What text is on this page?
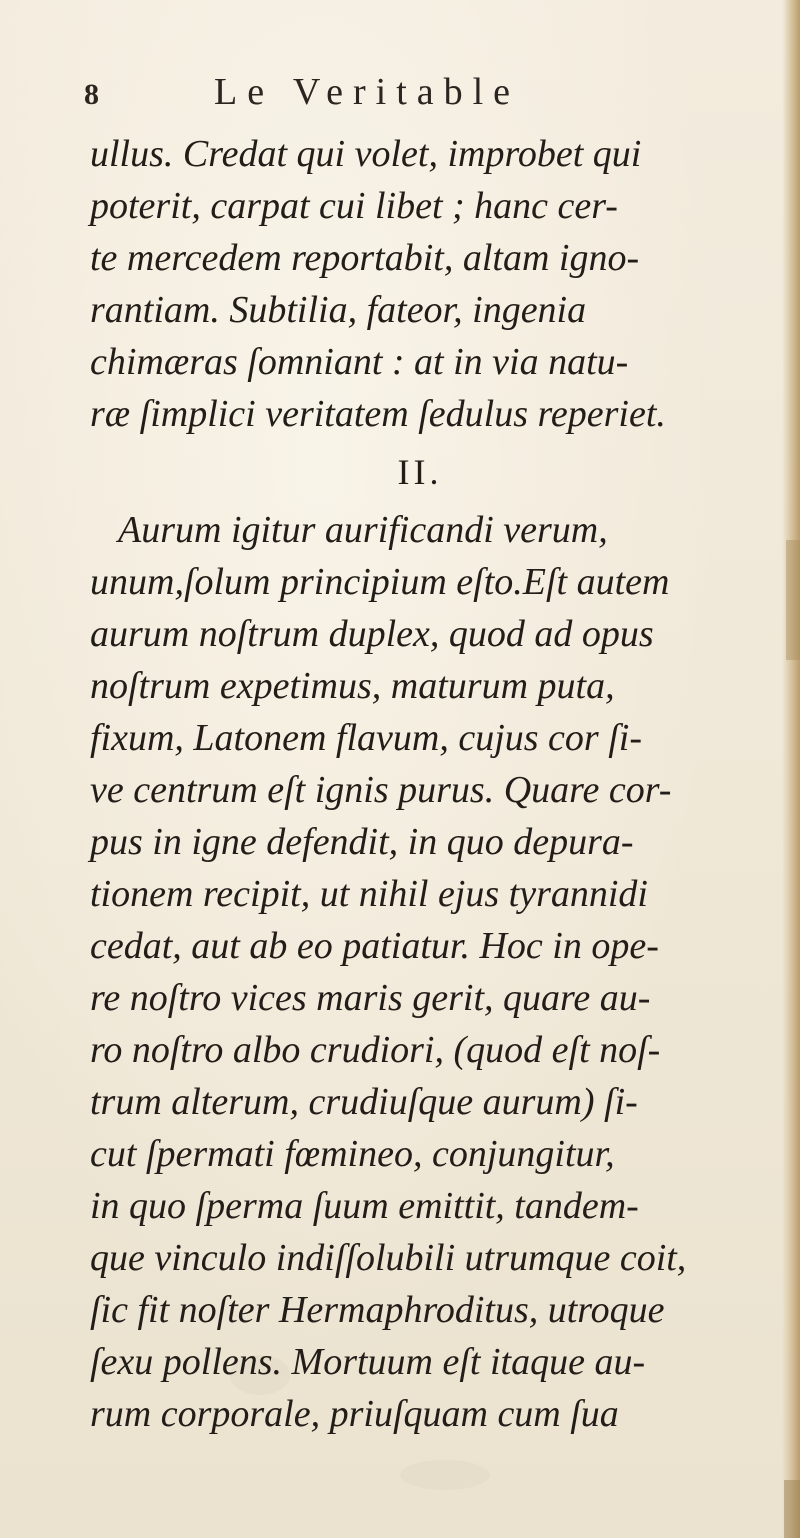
8	Le Veritable
ullus. Credat qui volet, improbet qui
poterit, carpat cui libet ; hanc cer-
te mercedem reportabit, altam igno-
rantiam. Subtilia, fateor, ingenia
chimæras ſomniant : at in via natu-
ræ ſimplici veritatem ſedulus reperiet.
II.
Aurum igitur aurificandi verum,
unum,ſolum principium eſto.Eſt autem
aurum noſtrum duplex, quod ad opus
noſtrum expetimus, maturum puta,
fixum, Latonem flavum, cujus cor ſi-
ve centrum eſt ignis purus. Quare cor-
pus in igne defendit, in quo depura-
tionem recipit, ut nihil ejus tyrannidi
cedat, aut ab eo patiatur. Hoc in ope-
re noſtro vices maris gerit, quare au-
ro noſtro albo crudiori, (quod eſt noſ-
trum alterum, crudiuſque aurum) ſi-
cut ſpermati fœmineo, conjungitur,
in quo ſperma ſuum emittit, tandem-
que vinculo indiſſolubili utrumque coit,
ſic fit noſter Hermaphroditus, utroque
ſexu pollens. Mortuum eſt itaque au-
rum corporale, priuſquam cum ſua
